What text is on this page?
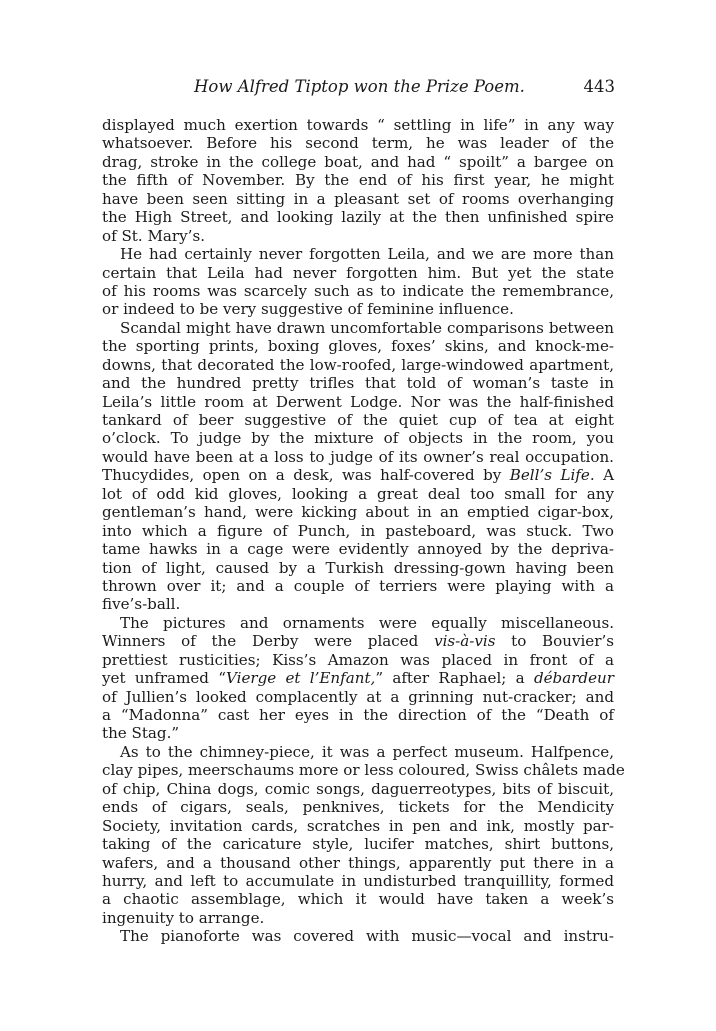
How Alfred Tiptop won the Prize Poem.	443
displayed much exertion towards “ settling in life” in any way
whatsoever. Before his second term, he was leader of the
drag, stroke in the college boat, and had “ spoilt” a bargee on
the fifth of November. By the end of his first year, he might
have been seen sitting in a pleasant set of rooms overhanging
the High Street, and looking lazily at the then unfinished spire
of St. Mary’s.
He had certainly never forgotten Leila, and we are more than
certain that Leila had never forgotten him. But yet the state
of his rooms was scarcely such as to indicate the remembrance,
or indeed to be very suggestive of feminine influence.
Scandal might have drawn uncomfortable comparisons between
the sporting prints, boxing gloves, foxes’ skins, and knock-me-
downs, that decorated the low-roofed, large-windowed apartment,
and the hundred pretty trifles that told of woman’s taste in
Leila’s little room at Derwent Lodge. Nor was the half-finished
tankard of beer suggestive of the quiet cup of tea at eight
o’clock. To judge by the mixture of objects in the room, you
would have been at a loss to judge of its owner’s real occupation.
Thucydides, open on a desk, was half-covered by Bell’s Life. A
lot of odd kid gloves, looking a great deal too small for any
gentleman’s hand, were kicking about in an emptied cigar-box,
into which a figure of Punch, in pasteboard, was stuck. Two
tame hawks in a cage were evidently annoyed by the depriva-
tion of light, caused by a Turkish dressing-gown having been
thrown over it; and a couple of terriers were playing with a
five’s-ball.
The pictures and ornaments were equally miscellaneous.
Winners of the Derby were placed vis-à-vis to Bouvier’s
prettiest rusticities; Kiss’s Amazon was placed in front of a
yet unframed “Vierge et l’Enfant,” after Raphael; a débardeur
of Jullien’s looked complacently at a grinning nut-cracker; and
a “Madonna” cast her eyes in the direction of the “Death of
the Stag.”
As to the chimney-piece, it was a perfect museum. Halfpence,
clay pipes, meerschaums more or less coloured, Swiss châlets made
of chip, China dogs, comic songs, daguerreotypes, bits of biscuit,
ends of cigars, seals, penknives, tickets for the Mendicity
Society, invitation cards, scratches in pen and ink, mostly par-
taking of the caricature style, lucifer matches, shirt buttons,
wafers, and a thousand other things, apparently put there in a
hurry, and left to accumulate in undisturbed tranquillity, formed
a chaotic assemblage, which it would have taken a week’s
ingenuity to arrange.
The pianoforte was covered with music—vocal and instru-
